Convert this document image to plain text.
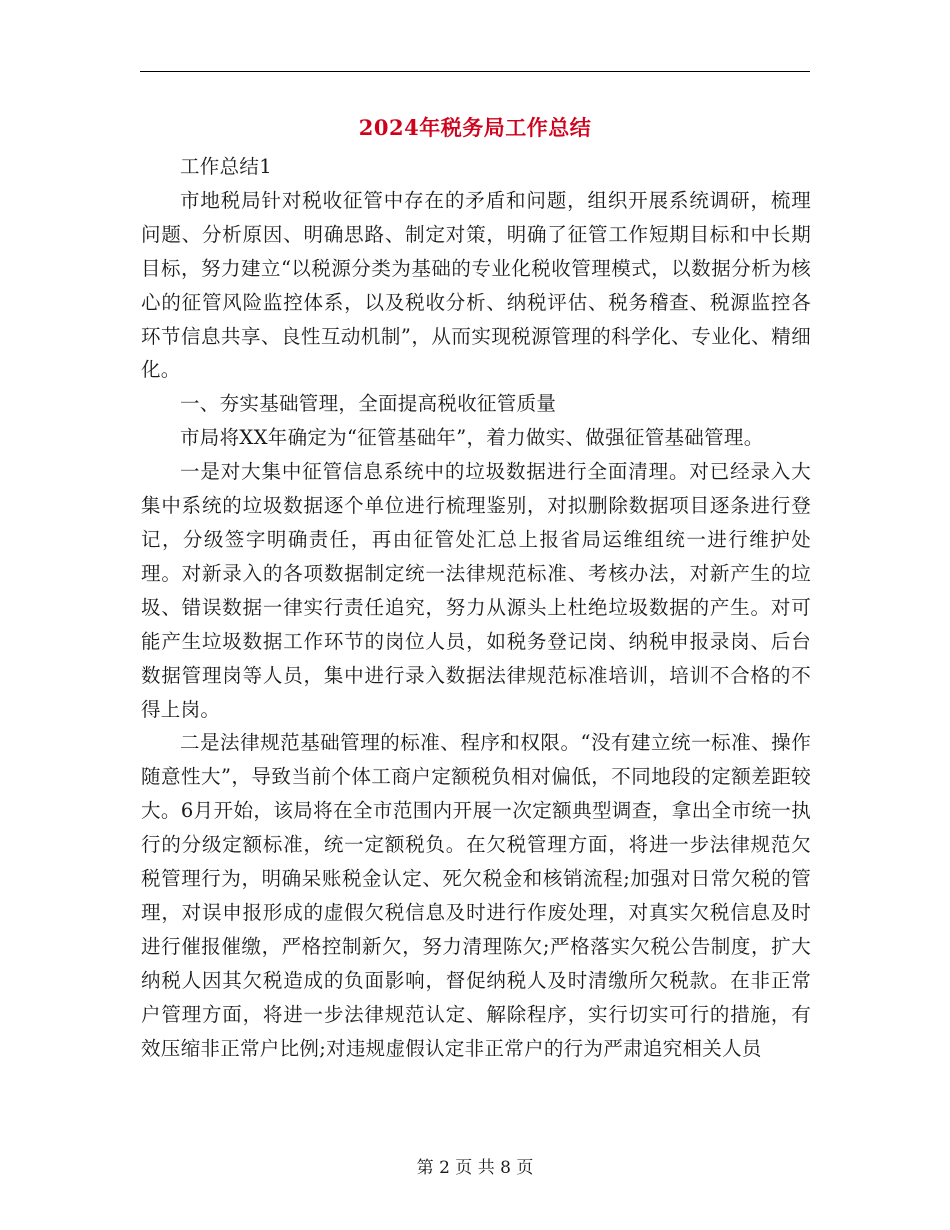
2024年税务局工作总结

工作总结1

市地税局针对税收征管中存在的矛盾和问题，组织开展系统调研，梳理问题、分析原因、明确思路、制定对策，明确了征管工作短期目标和中长期目标，努力建立“以税源分类为基础的专业化税收管理模式，以数据分析为核心的征管风险监控体系，以及税收分析、纳税评估、税务稽查、税源监控各环节信息共享、良性互动机制”，从而实现税源管理的科学化、专业化、精细化。

一、夯实基础管理，全面提高税收征管质量

市局将XX年确定为“征管基础年”，着力做实、做强征管基础管理。

一是对大集中征管信息系统中的垃圾数据进行全面清理。对已经录入大集中系统的垃圾数据逐个单位进行梳理鉴别，对拟删除数据项目逐条进行登记，分级签字明确责任，再由征管处汇总上报省局运维组统一进行维护处理。对新录入的各项数据制定统一法律规范标准、考核办法，对新产生的垃圾、错误数据一律实行责任追究，努力从源头上杜绝垃圾数据的产生。对可能产生垃圾数据工作环节的岗位人员，如税务登记岗、纳税申报录岗、后台数据管理岗等人员，集中进行录入数据法律规范标准培训，培训不合格的不得上岗。

二是法律规范基础管理的标准、程序和权限。“没有建立统一标准、操作随意性大”，导致当前个体工商户定额税负相对偏低，不同地段的定额差距较大。6月开始，该局将在全市范围内开展一次定额典型调查，拿出全市统一执行的分级定额标准，统一定额税负。在欠税管理方面，将进一步法律规范欠税管理行为，明确呆账税金认定、死欠税金和核销流程;加强对日常欠税的管理，对误申报形成的虚假欠税信息及时进行作废处理，对真实欠税信息及时进行催报催缴，严格控制新欠，努力清理陈欠;严格落实欠税公告制度，扩大纳税人因其欠税造成的负面影响，督促纳税人及时清缴所欠税款。在非正常户管理方面，将进一步法律规范认定、解除程序，实行切实可行的措施，有效压缩非正常户比例;对违规虚假认定非正常户的行为严肃追究相关人员

第 2 页 共 8 页
